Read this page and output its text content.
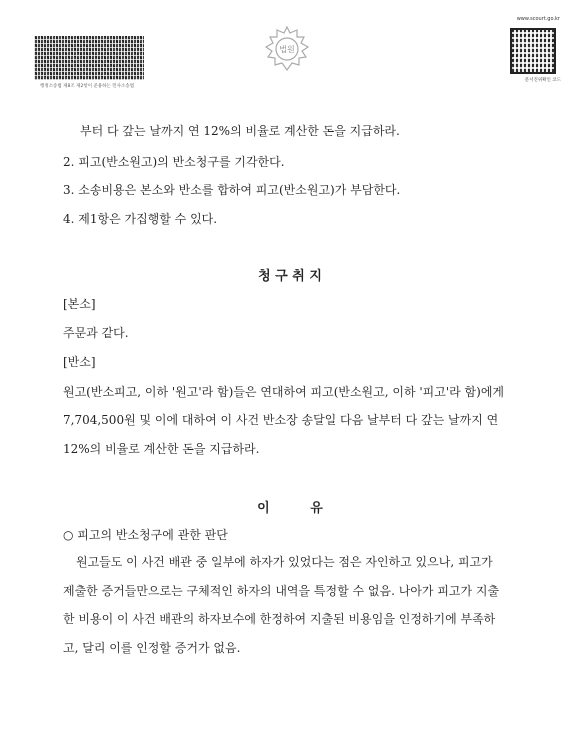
행정소송법 제8조 제2항이 준용하는 민사소송법
법원
www.scourt.go.kr
문서진위확인 코드
부터 다 갚는 날까지 연 12%의 비율로 계산한 돈을 지급하라.
2. 피고(반소원고)의 반소청구를 기각한다.
3. 소송비용은 본소와 반소를 합하여 피고(반소원고)가 부담한다.
4. 제1항은 가집행할 수 있다.
청 구 취 지
[본소]
주문과 같다.
[반소]
원고(반소피고, 이하 '원고'라 함)들은 연대하여 피고(반소원고, 이하 '피고'라 함)에게
7,704,500원 및 이에 대하여 이 사건 반소장 송달일 다음 날부터 다 갚는 날까지 연
12%의 비율로 계산한 돈을 지급하라.
이 유
○ 피고의 반소청구에 관한 판단
원고들도 이 사건 배관 중 일부에 하자가 있었다는 점은 자인하고 있으나, 피고가
제출한 증거들만으로는 구체적인 하자의 내역을 특정할 수 없음. 나아가 피고가 지출
한 비용이 이 사건 배관의 하자보수에 한정하여 지출된 비용임을 인정하기에 부족하
고, 달리 이를 인정할 증거가 없음.
